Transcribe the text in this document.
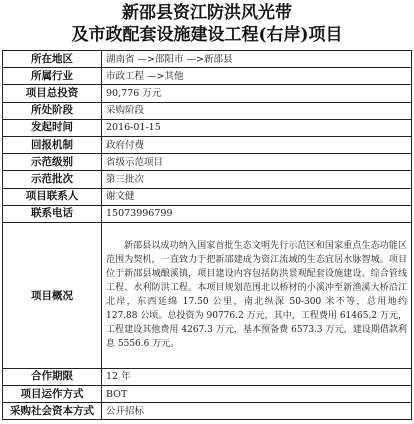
新邵县资江防洪风光带
及市政配套设施建设工程(右岸)项目
所在地区	湖南省 —>邵阳市 —>新邵县
所属行业	市政工程 —>其他
项目总投资	90,776 万元
所处阶段	采购阶段
发起时间	2016-01-15
回报机制	政府付费
示范级别	省级示范项目
示范批次	第三批次
项目联系人	谢文健
联系电话	15073996799
项目概况	新邵县以成功纳入国家首批生态文明先行示范区和国家重点生态功能区范围为契机，一直致力于把新邵建成为资江流域的生态宜居水脉智城。项目位于新邵县城酿溪镇，项目建设内容包括防洪景观配套设施建设、综合管线工程、水利防洪工程。本项目规划范围北以桥材的小溪冲至新渔溪大桥沿江北岸，东西延绵 17.50 公里，南北纵深 50-300 米不等，总用地约 127.88 公顷。总投资为 90776.2 万元，其中，工程费用 61465.2 万元，工程建设其他费用 4267.3 万元，基本预备费 6573.3 万元，建设期借款利息 5556.6 万元。
合作期限	12 年
项目运作方式	BOT
采购社会资本方式	公开招标
